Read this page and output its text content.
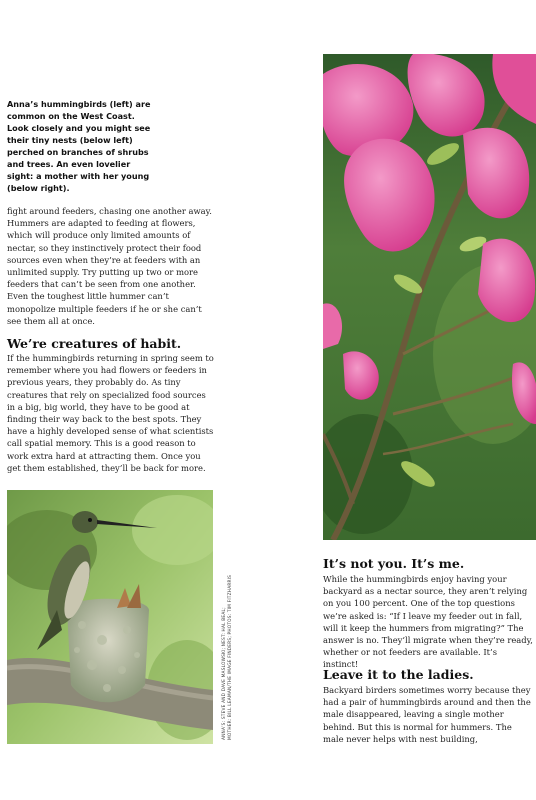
Anna’s hummingbirds (left) are common on the West Coast. Look closely and you might see their tiny nests (below left) perched on branches of shrubs and trees. An even lovelier sight: a mother with her young (below right).
fight around feeders, chasing one another away. Hummers are adapted to feeding at flowers, which will produce only limited amounts of nectar, so they instinctively protect their food sources even when they’re at feeders with an unlimited supply. Try putting up two or more feeders that can’t be seen from one another. Even the toughest little hummer can’t monopolize multiple feeders if he or she can’t see them all at once.
We’re creatures of habit.
If the hummingbirds returning in spring seem to remember where you had flowers or feeders in previous years, they probably do. As tiny creatures that rely on specialized food sources in a big, big world, they have to be good at finding their way back to the best spots. They have a highly developed sense of what scientists call spatial memory. This is a good reason to work extra hard at attracting them. Once you get them established, they’ll be back for more.
ANNA’S: STEVE AND DAVE MASLOWSKI; NEST: HAL BEAL; MOTHER: BILL LEAMAN/THE IMAGE FINDERS; PHOTOS: TIM FITZHARRIS
It’s not you. It’s me.
While the hummingbirds enjoy having your backyard as a nectar source, they aren’t relying on you 100 percent. One of the top questions we’re asked is: “If I leave my feeder out in fall, will it keep the hummers from migrating?” The answer is no. They’ll migrate when they’re ready, whether or not feeders are available. It’s instinct!
Leave it to the ladies.
Backyard birders sometimes worry because they had a pair of hummingbirds around and then the male disappeared, leaving a single mother behind. But this is normal for hummers. The male never helps with nest building,
